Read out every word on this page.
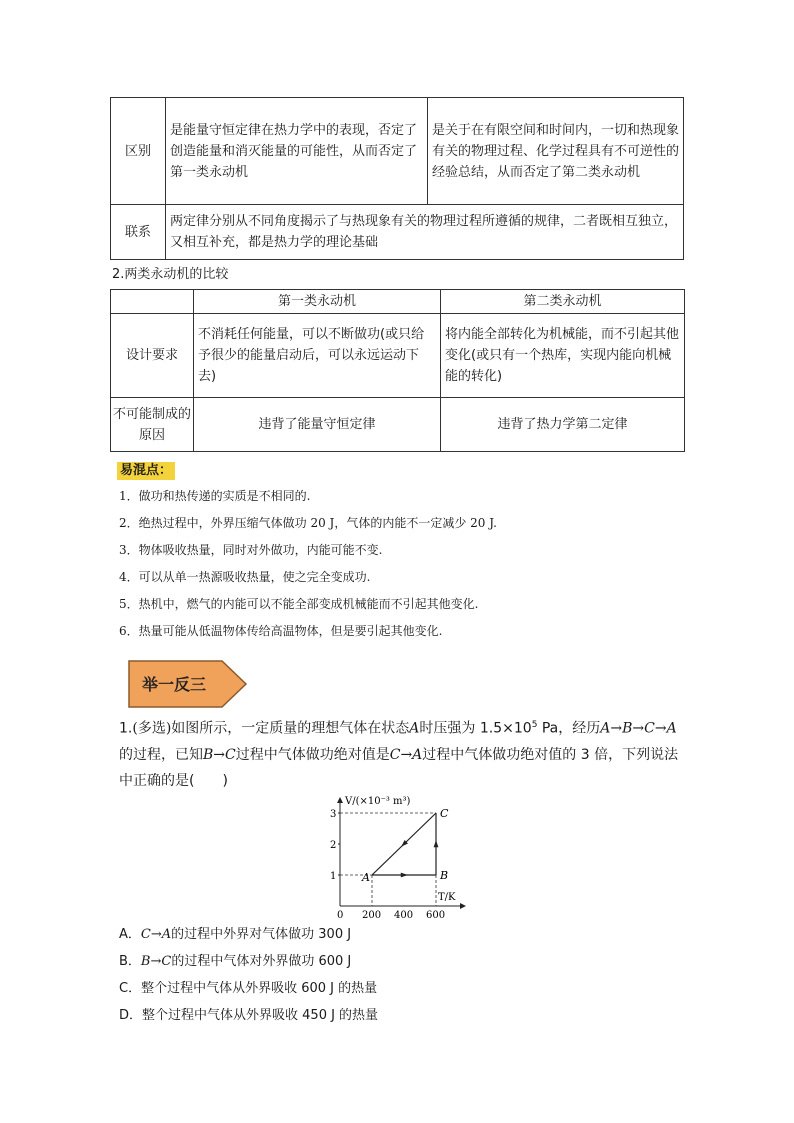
区别	是能量守恒定律在热力学中的表现，否定了创造能量和消灭能量的可能性，从而否定了第一类永动机	是关于在有限空间和时间内，一切和热现象有关的物理过程、化学过程具有不可逆性的经验总结，从而否定了第二类永动机
联系	两定律分别从不同角度揭示了与热现象有关的物理过程所遵循的规律，二者既相互独立，又相互补充，都是热力学的理论基础	
2.两类永动机的比较
	第一类永动机	第二类永动机
设计要求	不消耗任何能量，可以不断做功(或只给予很少的能量启动后，可以永远运动下去)	将内能全部转化为机械能，而不引起其他变化(或只有一个热库，实现内能向机械能的转化)
不可能制成的原因	违背了能量守恒定律	违背了热力学第二定律
易混点：
1．做功和热传递的实质是不相同的.
2．绝热过程中，外界压缩气体做功 20 J，气体的内能不一定减少 20 J.
3．物体吸收热量，同时对外做功，内能可能不变.
4．可以从单一热源吸收热量，使之完全变成功.
5．热机中，燃气的内能可以不能全部变成机械能而不引起其他变化.
6．热量可能从低温物体传给高温物体，但是要引起其他变化.
举一反三
1.(多选)如图所示，一定质量的理想气体在状态A时压强为 $1.5\times 10^5$ Pa，经历A→B→C→A的过程，已知B→C过程中气体做功绝对值是C→A过程中气体做功绝对值的 3 倍，下列说法中正确的是(　　)
V/(×10⁻³ m³)
T/K
0 200 400 600
1
2
3
A	B
C
A．C→A的过程中外界对气体做功 300 J
B．B→C的过程中气体对外界做功 600 J
C．整个过程中气体从外界吸收 600 J 的热量
D．整个过程中气体从外界吸收 450 J 的热量
